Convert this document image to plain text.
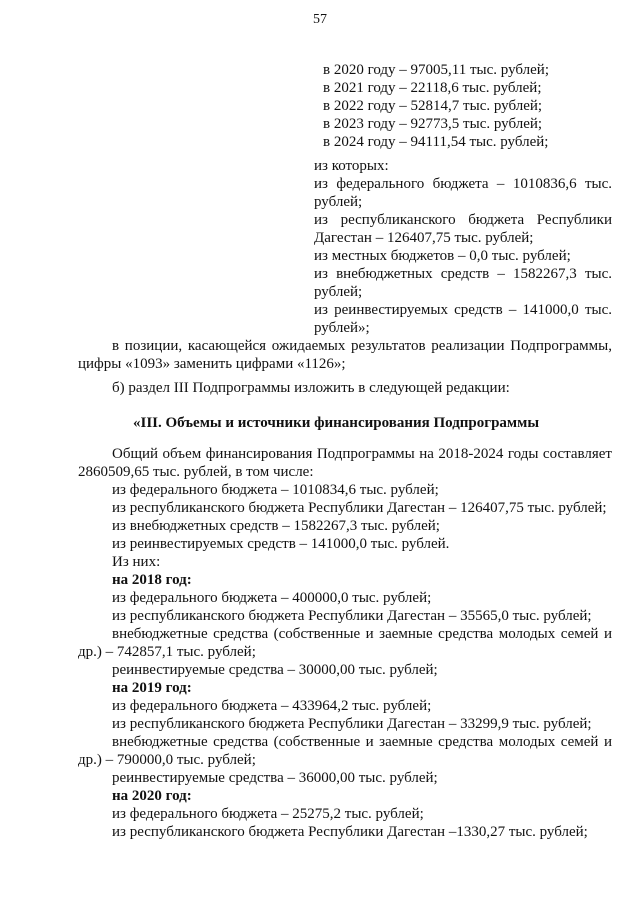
57
в 2020 году – 97005,11 тыс. рублей;
в 2021 году – 22118,6 тыс. рублей;
в 2022 году – 52814,7 тыс. рублей;
в 2023 году – 92773,5 тыс. рублей;
в 2024 году – 94111,54 тыс. рублей;
из которых:
из федерального бюджета – 1010836,6 тыс.
рублей;
из республиканского бюджета Республики
Дагестан – 126407,75 тыс. рублей;
из местных бюджетов – 0,0 тыс. рублей;
из внебюджетных средств – 1582267,3 тыс.
рублей;
из реинвестируемых средств – 141000,0 тыс.
рублей»;
в позиции, касающейся ожидаемых результатов реализации Подпрограммы,
цифры «1093» заменить цифрами «1126»;
б) раздел III Подпрограммы изложить в следующей редакции:
«III. Объемы и источники финансирования Подпрограммы
Общий объем финансирования Подпрограммы на 2018-2024 годы составляет
2860509,65 тыс. рублей, в том числе:
из федерального бюджета – 1010834,6 тыс. рублей;
из республиканского бюджета Республики Дагестан – 126407,75 тыс. рублей;
из внебюджетных средств – 1582267,3 тыс. рублей;
из реинвестируемых средств – 141000,0 тыс. рублей.
Из них:
на 2018 год:
из федерального бюджета – 400000,0 тыс. рублей;
из республиканского бюджета Республики Дагестан – 35565,0 тыс. рублей;
внебюджетные средства (собственные и заемные средства молодых семей и
др.) – 742857,1 тыс. рублей;
реинвестируемые средства – 30000,00 тыс. рублей;
на 2019 год:
из федерального бюджета – 433964,2 тыс. рублей;
из республиканского бюджета Республики Дагестан – 33299,9 тыс. рублей;
внебюджетные средства (собственные и заемные средства молодых семей и
др.) – 790000,0 тыс. рублей;
реинвестируемые средства – 36000,00 тыс. рублей;
на 2020 год:
из федерального бюджета – 25275,2 тыс. рублей;
из республиканского бюджета Республики Дагестан –1330,27 тыс. рублей;
